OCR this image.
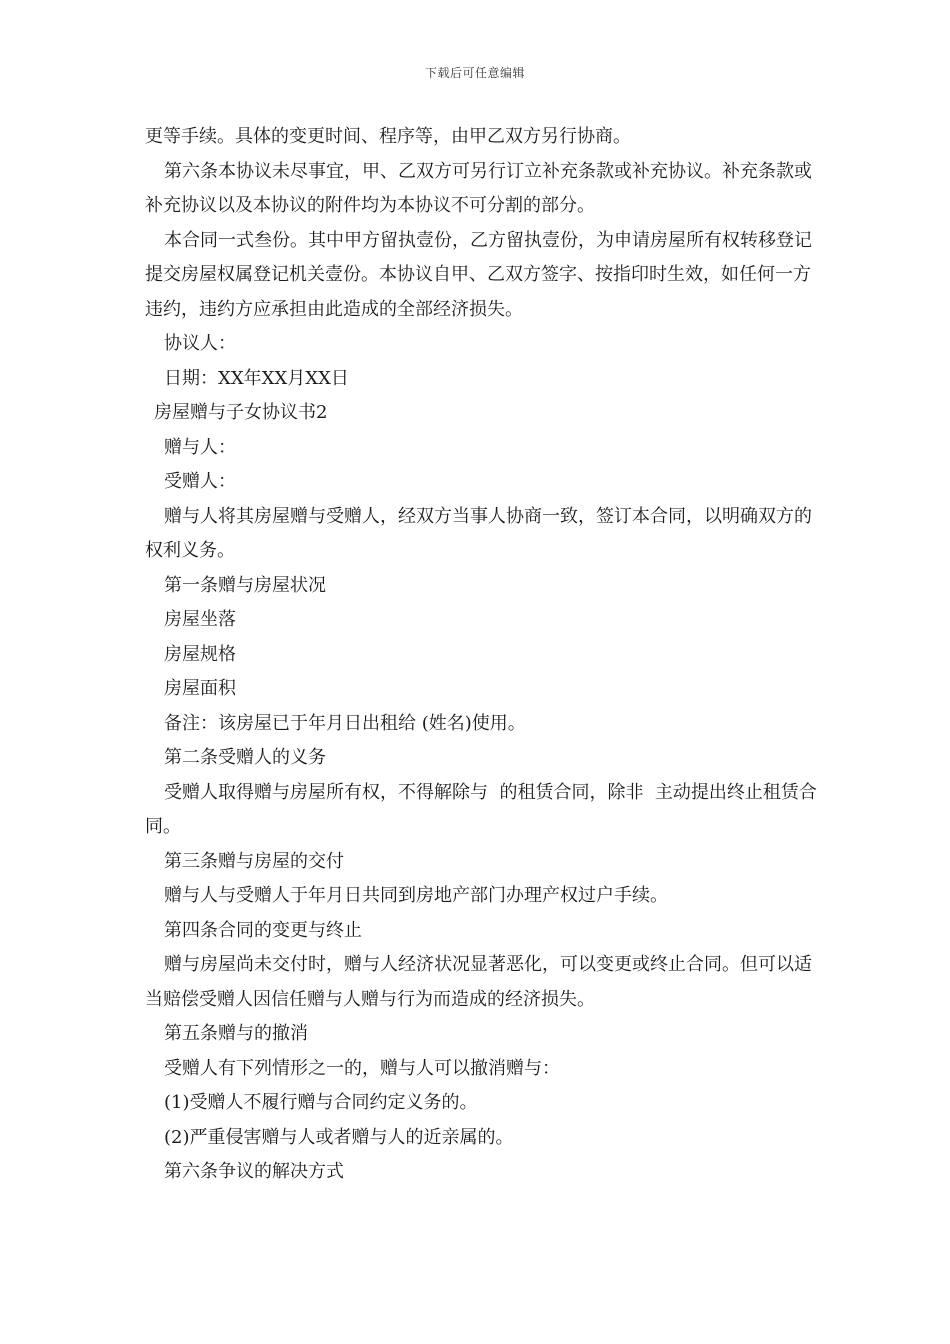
下载后可任意编辑

更等手续。具体的变更时间、程序等，由甲乙双方另行协商。

第六条本协议未尽事宜，甲、乙双方可另行订立补充条款或补充协议。补充条款或补充协议以及本协议的附件均为本协议不可分割的部分。

本合同一式叁份。其中甲方留执壹份，乙方留执壹份，为申请房屋所有权转移登记提交房屋权属登记机关壹份。本协议自甲、乙双方签字、按指印时生效，如任何一方违约，违约方应承担由此造成的全部经济损失。

协议人：

日期：XX年XX月XX日

房屋赠与子女协议书2

赠与人：

受赠人：

赠与人将其房屋赠与受赠人，经双方当事人协商一致，签订本合同，以明确双方的权利义务。

第一条赠与房屋状况

房屋坐落

房屋规格

房屋面积

备注：该房屋已于年月日出租给 (姓名)使用。

第二条受赠人的义务

受赠人取得赠与房屋所有权，不得解除与  的租赁合同，除非  主动提出终止租赁合同。

第三条赠与房屋的交付

赠与人与受赠人于年月日共同到房地产部门办理产权过户手续。

第四条合同的变更与终止

赠与房屋尚未交付时，赠与人经济状况显著恶化，可以变更或终止合同。但可以适当赔偿受赠人因信任赠与人赠与行为而造成的经济损失。

第五条赠与的撤消

受赠人有下列情形之一的，赠与人可以撤消赠与：

(1)受赠人不履行赠与合同约定义务的。

(2)严重侵害赠与人或者赠与人的近亲属的。

第六条争议的解决方式
